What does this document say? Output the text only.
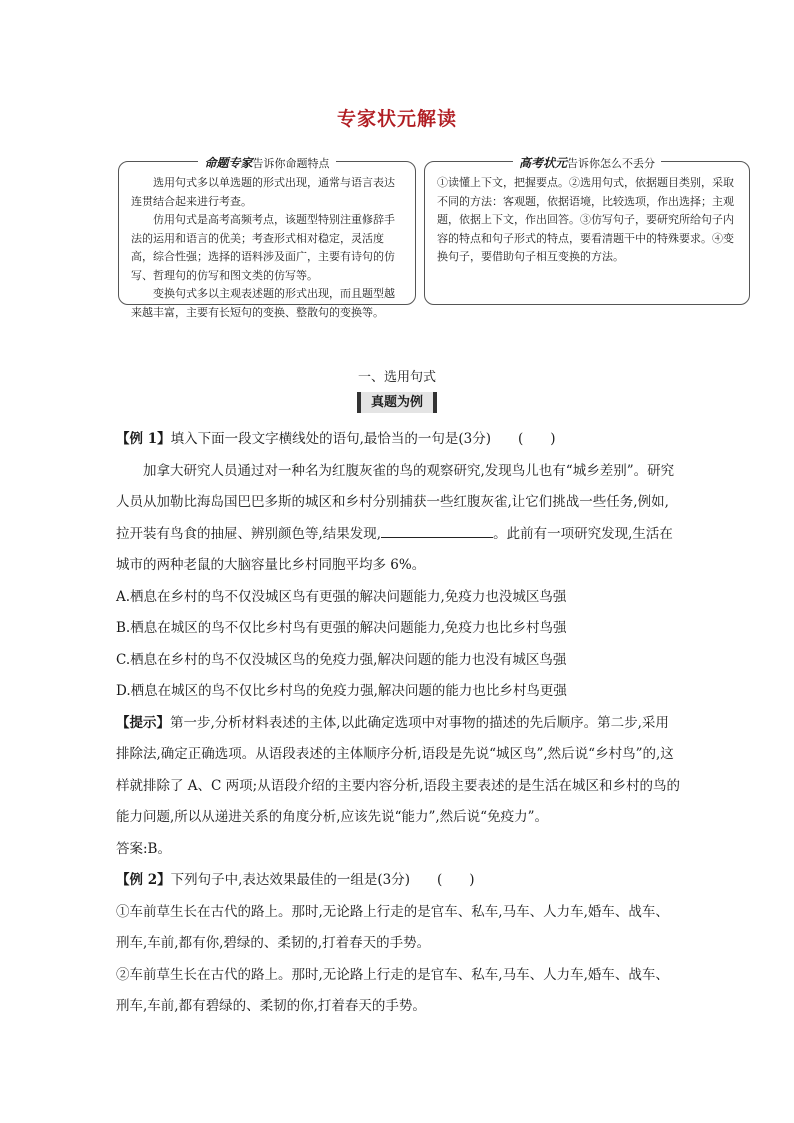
专家状元解读
命题专家告诉你命题特点

选用句式多以单选题的形式出现，通常与语言表达连贯结合起来进行考查。

仿用句式是高考高频考点，该题型特别注重修辞手法的运用和语言的优美；考查形式相对稳定，灵活度高，综合性强；选择的语料涉及面广，主要有诗句的仿写、哲理句的仿写和图文类的仿写等。

变换句式多以主观表述题的形式出现，而且题型越来越丰富，主要有长短句的变换、整散句的变换等。

高考状元告诉你怎么不丢分

①读懂上下文，把握要点。②选用句式，依据题目类别，采取不同的方法：客观题，依据语境，比较选项，作出选择；主观题，依据上下文，作出回答。③仿写句子，要研究所给句子内容的特点和句子形式的特点，要看清题干中的特殊要求。④变换句子，要借助句子相互变换的方法。

一、选用句式
真题为例

【例 1】填入下面一段文字横线处的语句,最恰当的一句是(3分)　　(　　)

加拿大研究人员通过对一种名为红腹灰雀的鸟的观察研究,发现鸟儿也有“城乡差别”。研究人员从加勒比海岛国巴巴多斯的城区和乡村分别捕获一些红腹灰雀,让它们挑战一些任务,例如,拉开装有鸟食的抽屉、辨别颜色等,结果发现,	。此前有一项研究发现,生活在城市的两种老鼠的大脑容量比乡村同胞平均多 6%。

A.栖息在乡村的鸟不仅没城区鸟有更强的解决问题能力,免疫力也没城区鸟强

B.栖息在城区的鸟不仅比乡村鸟有更强的解决问题能力,免疫力也比乡村鸟强

C.栖息在乡村的鸟不仅没城区鸟的免疫力强,解决问题的能力也没有城区鸟强

D.栖息在城区的鸟不仅比乡村鸟的免疫力强,解决问题的能力也比乡村鸟更强

【提示】第一步,分析材料表述的主体,以此确定选项中对事物的描述的先后顺序。第二步,采用排除法,确定正确选项。从语段表述的主体顺序分析,语段是先说“城区鸟”,然后说“乡村鸟”的,这样就排除了 A、C 两项;从语段介绍的主要内容分析,语段主要表述的是生活在城区和乡村的鸟的能力问题,所以从递进关系的角度分析,应该先说“能力”,然后说“免疫力”。

答案:B。

【例 2】下列句子中,表达效果最佳的一组是(3分)　　(　　)

①车前草生长在古代的路上。那时,无论路上行走的是官车、私车,马车、人力车,婚车、战车、刑车,车前,都有你,碧绿的、柔韧的,打着春天的手势。

②车前草生长在古代的路上。那时,无论路上行走的是官车、私车,马车、人力车,婚车、战车、刑车,车前,都有碧绿的、柔韧的你,打着春天的手势。
